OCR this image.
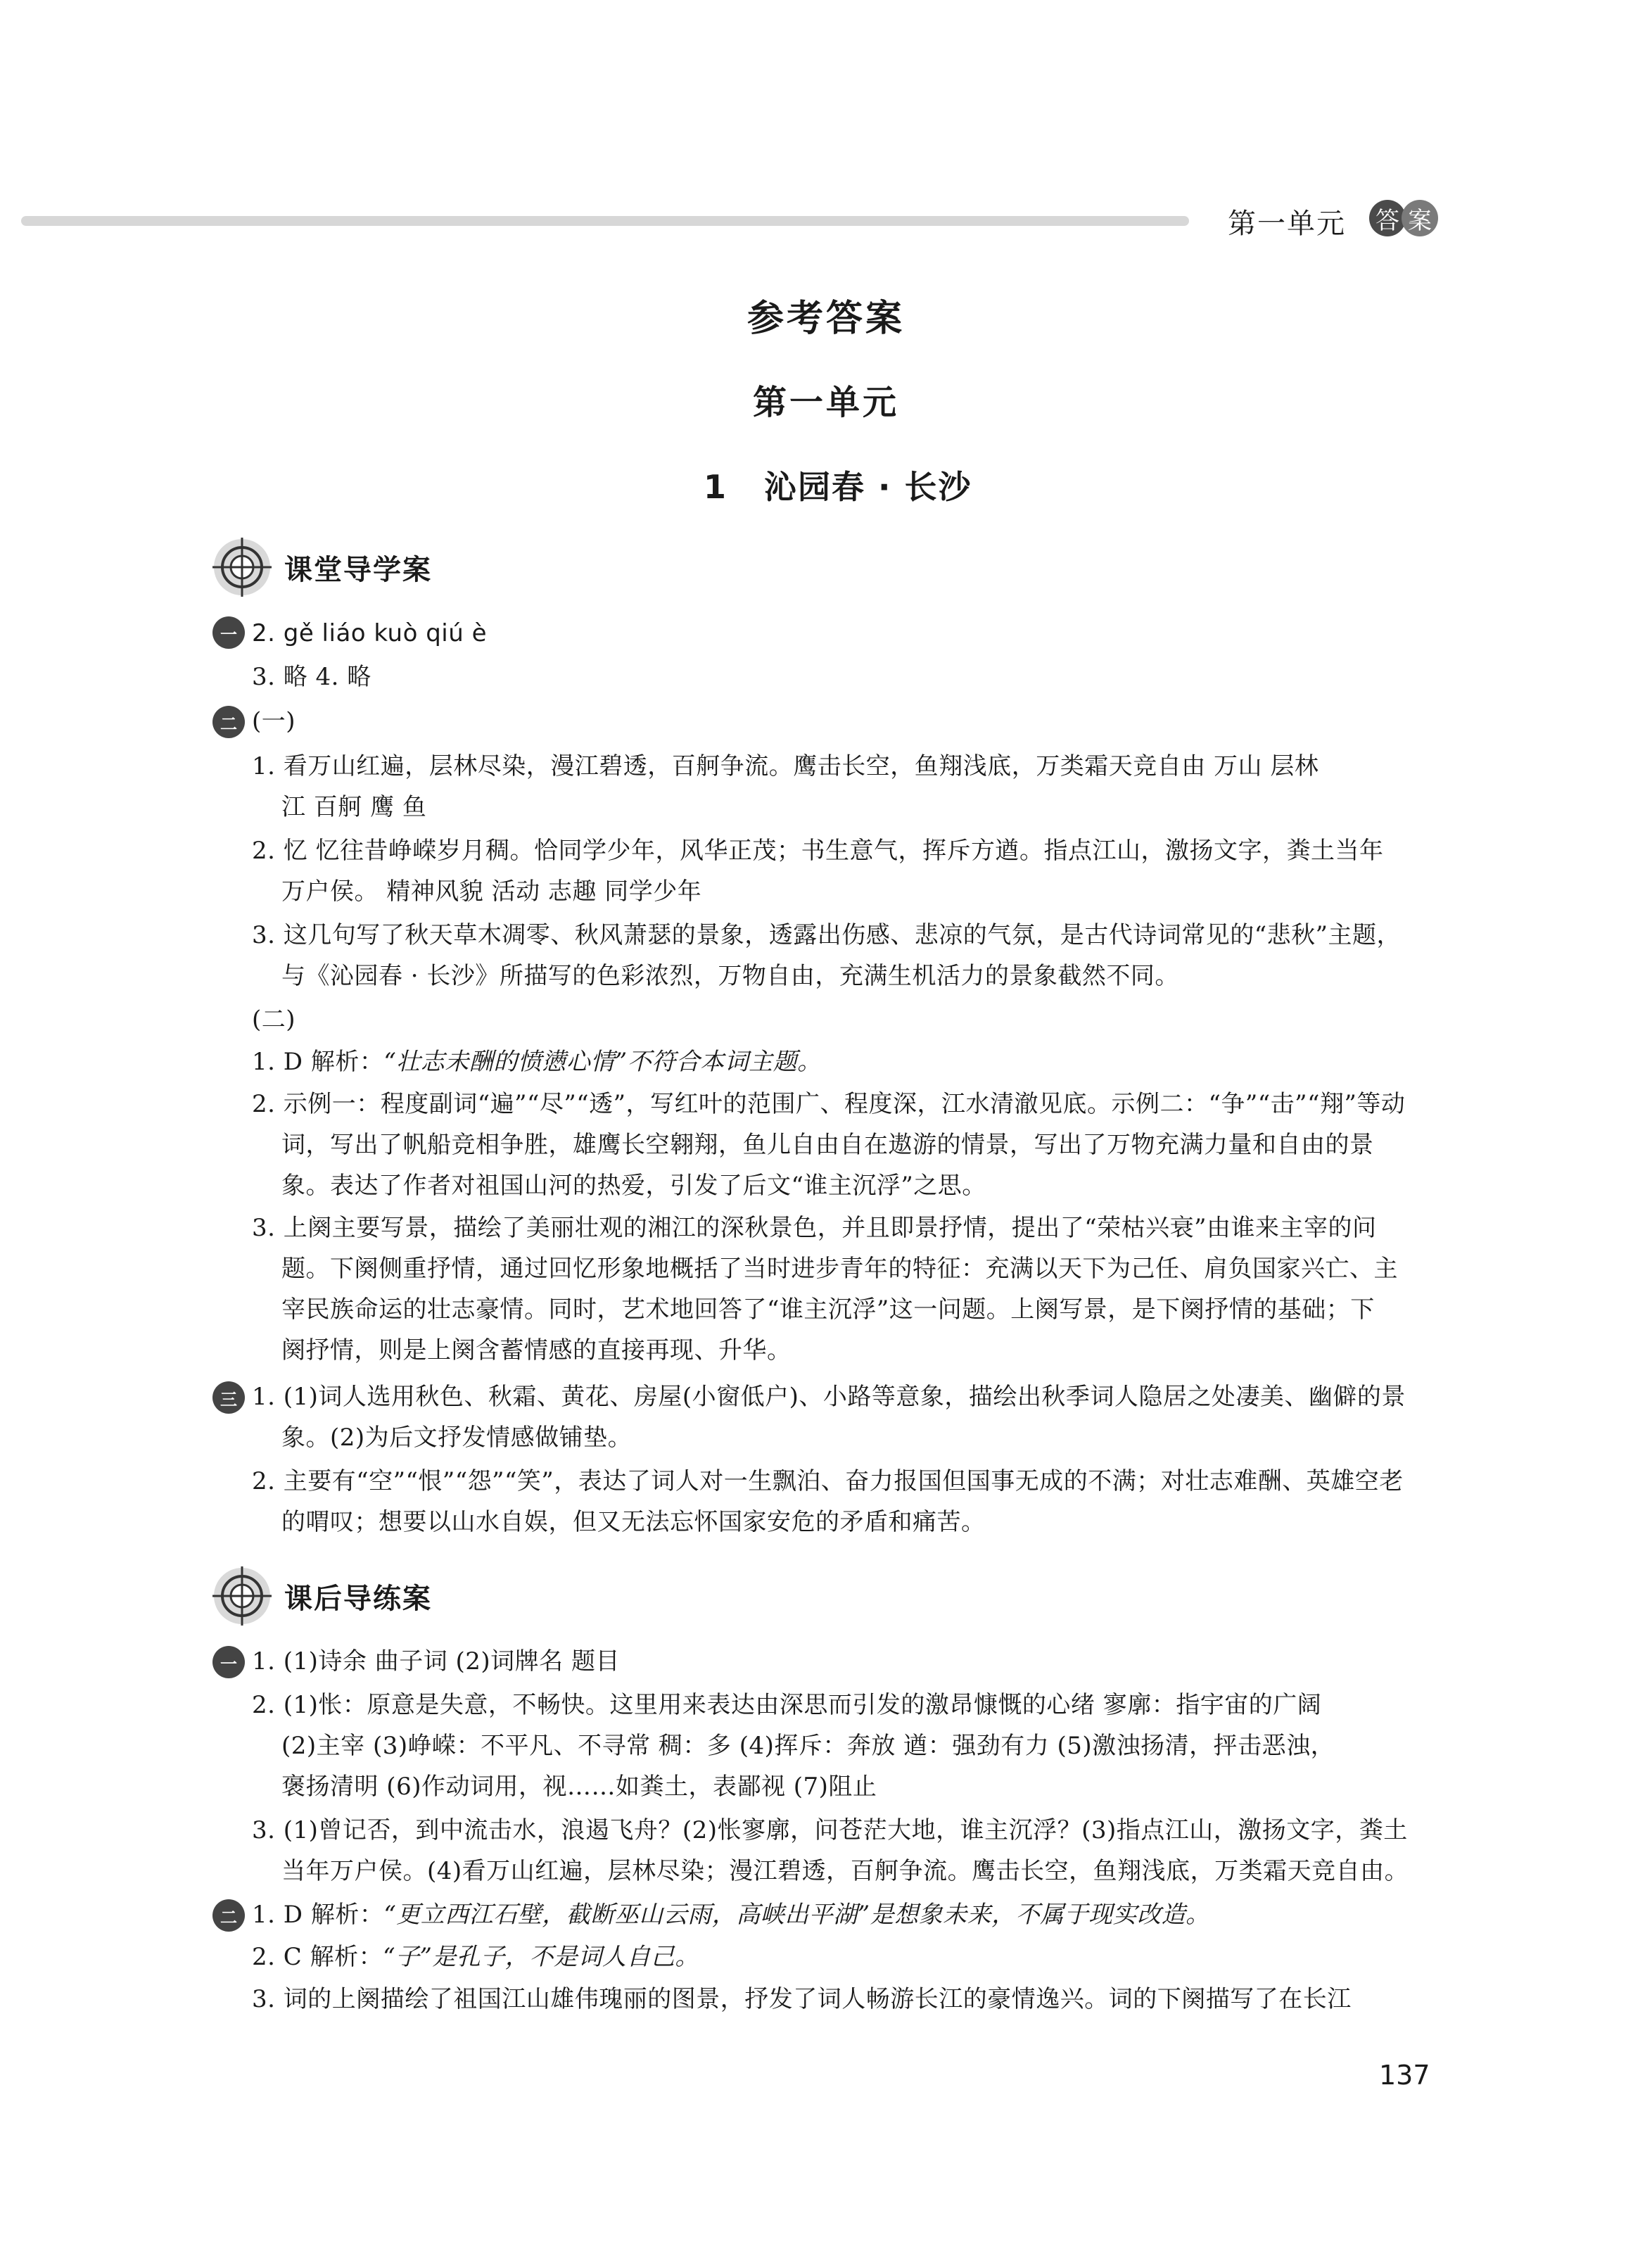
第一单元 答 案
参考答案
第一单元
1 沁园春 · 长沙
课堂导学案
一 2. gě liáo kuò qiú è
3. 略 4. 略
二 (一)
1. 看万山红遍，层林尽染，漫江碧透，百舸争流。鹰击长空，鱼翔浅底，万类霜天竞自由 万山 层林
江 百舸 鹰 鱼
2. 忆 忆往昔峥嵘岁月稠。恰同学少年，风华正茂；书生意气，挥斥方遒。指点江山，激扬文字，粪土当年
万户侯。 精神风貌 活动 志趣 同学少年
3. 这几句写了秋天草木凋零、秋风萧瑟的景象，透露出伤感、悲凉的气氛，是古代诗词常见的“悲秋”主题，
与《沁园春 · 长沙》所描写的色彩浓烈，万物自由，充满生机活力的景象截然不同。
(二)
1. D 解析：“壮志未酬的愤懑心情”不符合本词主题。
2. 示例一：程度副词“遍”“尽”“透”，写红叶的范围广、程度深，江水清澈见底。示例二：“争”“击”“翔”等动
词，写出了帆船竞相争胜，雄鹰长空翱翔，鱼儿自由自在遨游的情景，写出了万物充满力量和自由的景
象。表达了作者对祖国山河的热爱，引发了后文“谁主沉浮”之思。
3. 上阕主要写景，描绘了美丽壮观的湘江的深秋景色，并且即景抒情，提出了“荣枯兴衰”由谁来主宰的问
题。下阕侧重抒情，通过回忆形象地概括了当时进步青年的特征：充满以天下为己任、肩负国家兴亡、主
宰民族命运的壮志豪情。同时，艺术地回答了“谁主沉浮”这一问题。上阕写景，是下阕抒情的基础；下
阕抒情，则是上阕含蓄情感的直接再现、升华。
三 1. (1)词人选用秋色、秋霜、黄花、房屋(小窗低户)、小路等意象，描绘出秋季词人隐居之处凄美、幽僻的景
象。(2)为后文抒发情感做铺垫。
2. 主要有“空”“恨”“怨”“笑”，表达了词人对一生飘泊、奋力报国但国事无成的不满；对壮志难酬、英雄空老
的喟叹；想要以山水自娱，但又无法忘怀国家安危的矛盾和痛苦。
课后导练案
一 1. (1)诗余 曲子词 (2)词牌名 题目
2. (1)怅：原意是失意，不畅快。这里用来表达由深思而引发的激昂慷慨的心绪 寥廓：指宇宙的广阔
(2)主宰 (3)峥嵘：不平凡、不寻常 稠：多 (4)挥斥：奔放 遒：强劲有力 (5)激浊扬清，抨击恶浊，
褒扬清明 (6)作动词用，视……如粪土，表鄙视 (7)阻止
3. (1)曾记否，到中流击水，浪遏飞舟？(2)怅寥廓，问苍茫大地，谁主沉浮？(3)指点江山，激扬文字，粪土
当年万户侯。(4)看万山红遍，层林尽染；漫江碧透，百舸争流。鹰击长空，鱼翔浅底，万类霜天竞自由。
二 1. D 解析：“更立西江石壁，截断巫山云雨，高峡出平湖”是想象未来，不属于现实改造。
2. C 解析：“子”是孔子，不是词人自己。
3. 词的上阕描绘了祖国江山雄伟瑰丽的图景，抒发了词人畅游长江的豪情逸兴。词的下阕描写了在长江
137
